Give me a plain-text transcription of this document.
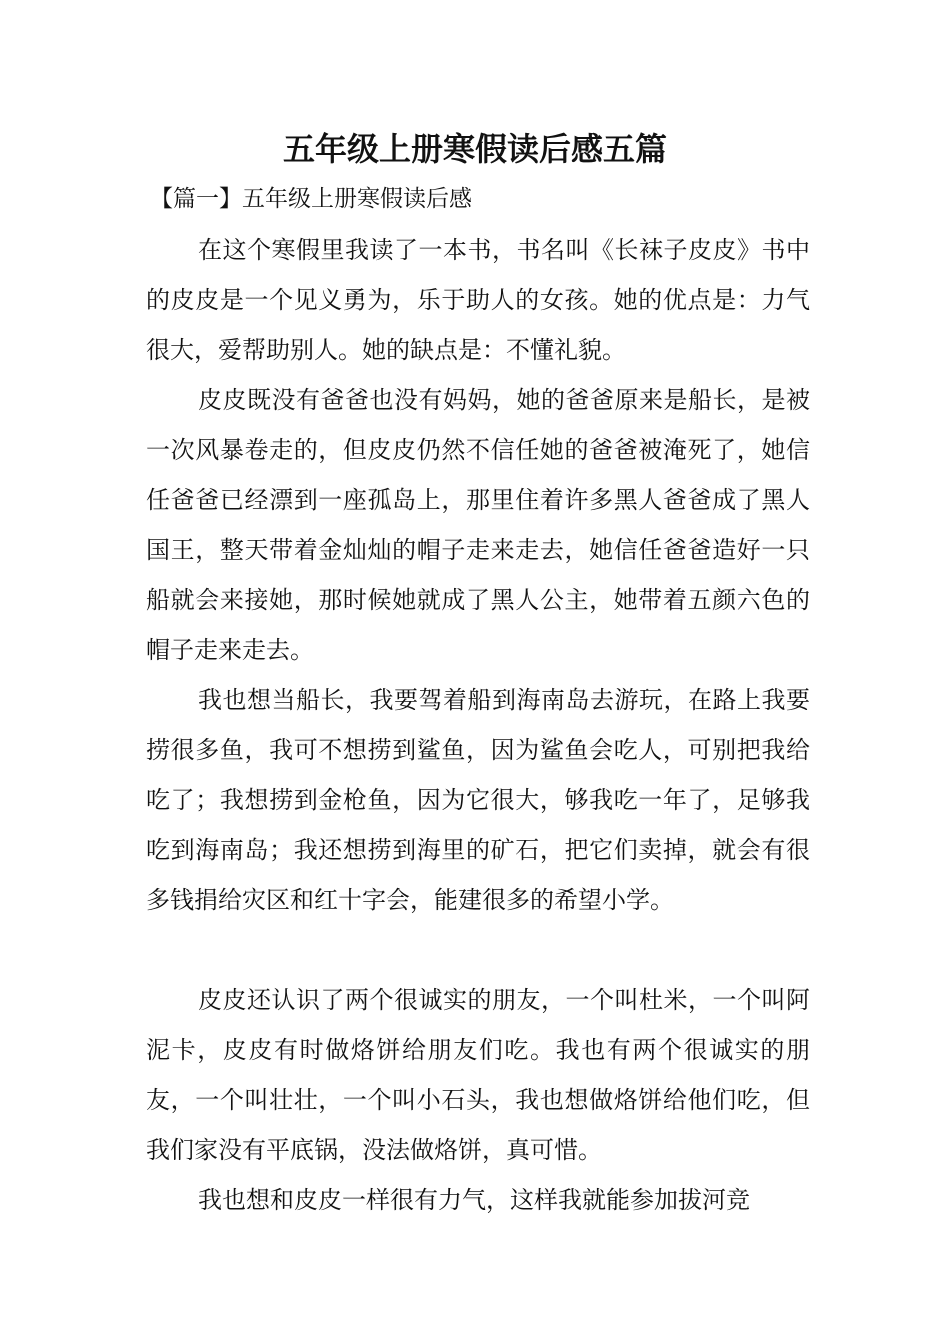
五年级上册寒假读后感五篇
【篇一】五年级上册寒假读后感

在这个寒假里我读了一本书，书名叫《长袜子皮皮》书中的皮皮是一个见义勇为，乐于助人的女孩。她的优点是：力气很大，爱帮助别人。她的缺点是：不懂礼貌。

皮皮既没有爸爸也没有妈妈，她的爸爸原来是船长，是被一次风暴卷走的，但皮皮仍然不信任她的爸爸被淹死了，她信任爸爸已经漂到一座孤岛上，那里住着许多黑人爸爸成了黑人国王，整天带着金灿灿的帽子走来走去，她信任爸爸造好一只船就会来接她，那时候她就成了黑人公主，她带着五颜六色的帽子走来走去。

我也想当船长，我要驾着船到海南岛去游玩，在路上我要捞很多鱼，我可不想捞到鲨鱼，因为鲨鱼会吃人，可别把我给吃了；我想捞到金枪鱼，因为它很大，够我吃一年了，足够我吃到海南岛；我还想捞到海里的矿石，把它们卖掉，就会有很多钱捐给灾区和红十字会，能建很多的希望小学。

皮皮还认识了两个很诚实的朋友，一个叫杜米，一个叫阿泥卡，皮皮有时做烙饼给朋友们吃。我也有两个很诚实的朋友，一个叫壮壮，一个叫小石头，我也想做烙饼给他们吃，但我们家没有平底锅，没法做烙饼，真可惜。

我也想和皮皮一样很有力气，这样我就能参加拔河竞
